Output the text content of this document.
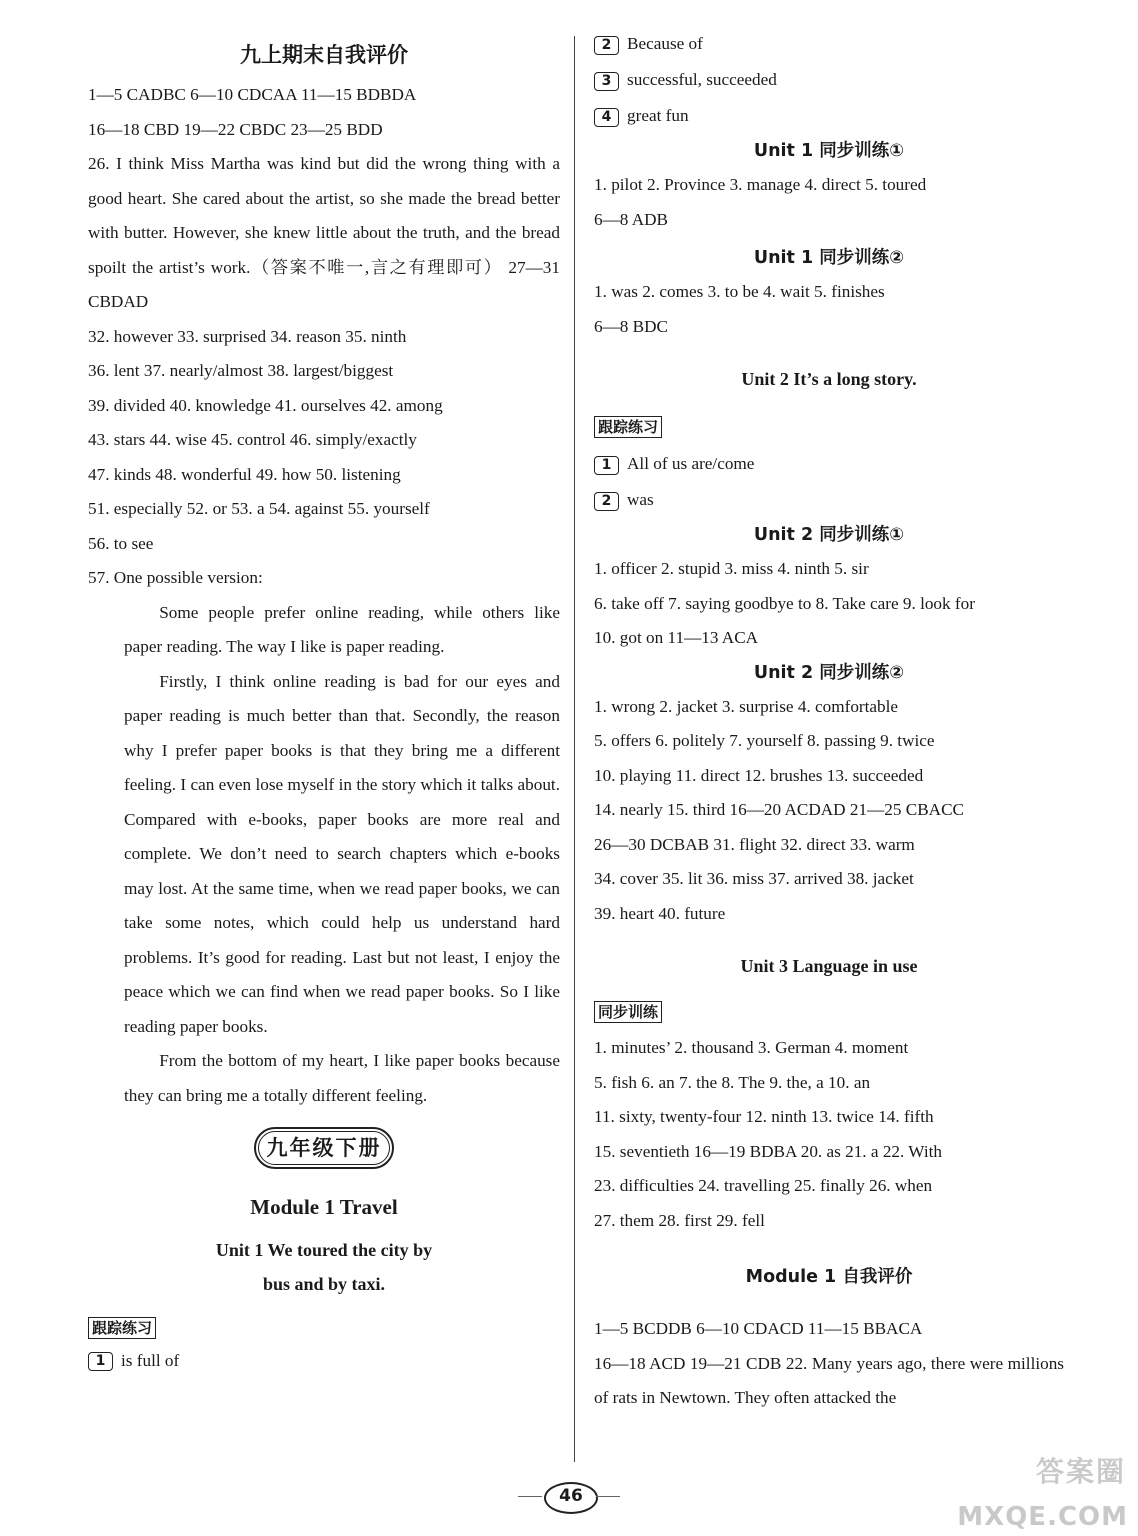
九上期末自我评价
1—5 CADBC 6—10 CDCAA 11—15 BDBDA
16—18 CBD 19—22 CBDC 23—25 BDD
26. I think Miss Martha was kind but did the wrong thing with a good heart. She cared about the artist, so she made the bread better with butter. However, she knew little about the truth, and the bread spoilt the artist’s work.（答案不唯一,言之有理即可） 27—31 CBDAD
32. however 33. surprised 34. reason 35. ninth
36. lent 37. nearly/almost 38. largest/biggest
39. divided 40. knowledge 41. ourselves 42. among
43. stars 44. wise 45. control 46. simply/exactly
47. kinds 48. wonderful 49. how 50. listening
51. especially 52. or 53. a 54. against 55. yourself
56. to see
57. One possible version:
Some people prefer online reading, while others like paper reading. The way I like is paper reading.
Firstly, I think online reading is bad for our eyes and paper reading is much better than that. Secondly, the reason why I prefer paper books is that they bring me a different feeling. I can even lose myself in the story which it talks about. Compared with e-books, paper books are more real and complete. We don’t need to search chapters which e-books may lost. At the same time, when we read paper books, we can take some notes, which could help us understand hard problems. It’s good for reading. Last but not least, I enjoy the peace which we can find when we read paper books. So I like reading paper books.
From the bottom of my heart, I like paper books because they can bring me a totally different feeling.
九年级下册
Module 1 Travel
Unit 1 We toured the city by
bus and by taxi.
跟踪练习
1 is full of
2 Because of
3 successful, succeeded
4 great fun
Unit 1 同步训练①
1. pilot 2. Province 3. manage 4. direct 5. toured
6—8 ADB
Unit 1 同步训练②
1. was 2. comes 3. to be 4. wait 5. finishes
6—8 BDC
Unit 2 It’s a long story.
跟踪练习
1 All of us are/come
2 was
Unit 2 同步训练①
1. officer 2. stupid 3. miss 4. ninth 5. sir
6. take off 7. saying goodbye to 8. Take care 9. look for
10. got on 11—13 ACA
Unit 2 同步训练②
1. wrong 2. jacket 3. surprise 4. comfortable
5. offers 6. politely 7. yourself 8. passing 9. twice
10. playing 11. direct 12. brushes 13. succeeded
14. nearly 15. third 16—20 ACDAD 21—25 CBACC
26—30 DCBAB 31. flight 32. direct 33. warm
34. cover 35. lit 36. miss 37. arrived 38. jacket
39. heart 40. future
Unit 3 Language in use
同步训练
1. minutes’ 2. thousand 3. German 4. moment
5. fish 6. an 7. the 8. The 9. the, a 10. an
11. sixty, twenty-four 12. ninth 13. twice 14. fifth
15. seventieth 16—19 BDBA 20. as 21. a 22. With
23. difficulties 24. travelling 25. finally 26. when
27. them 28. first 29. fell
Module 1 自我评价
1—5 BCDDB 6—10 CDACD 11—15 BBACA
16—18 ACD 19—21 CDB 22. Many years ago, there were millions of rats in Newtown. They often attacked the
46
答案圈
MXQE.COM
